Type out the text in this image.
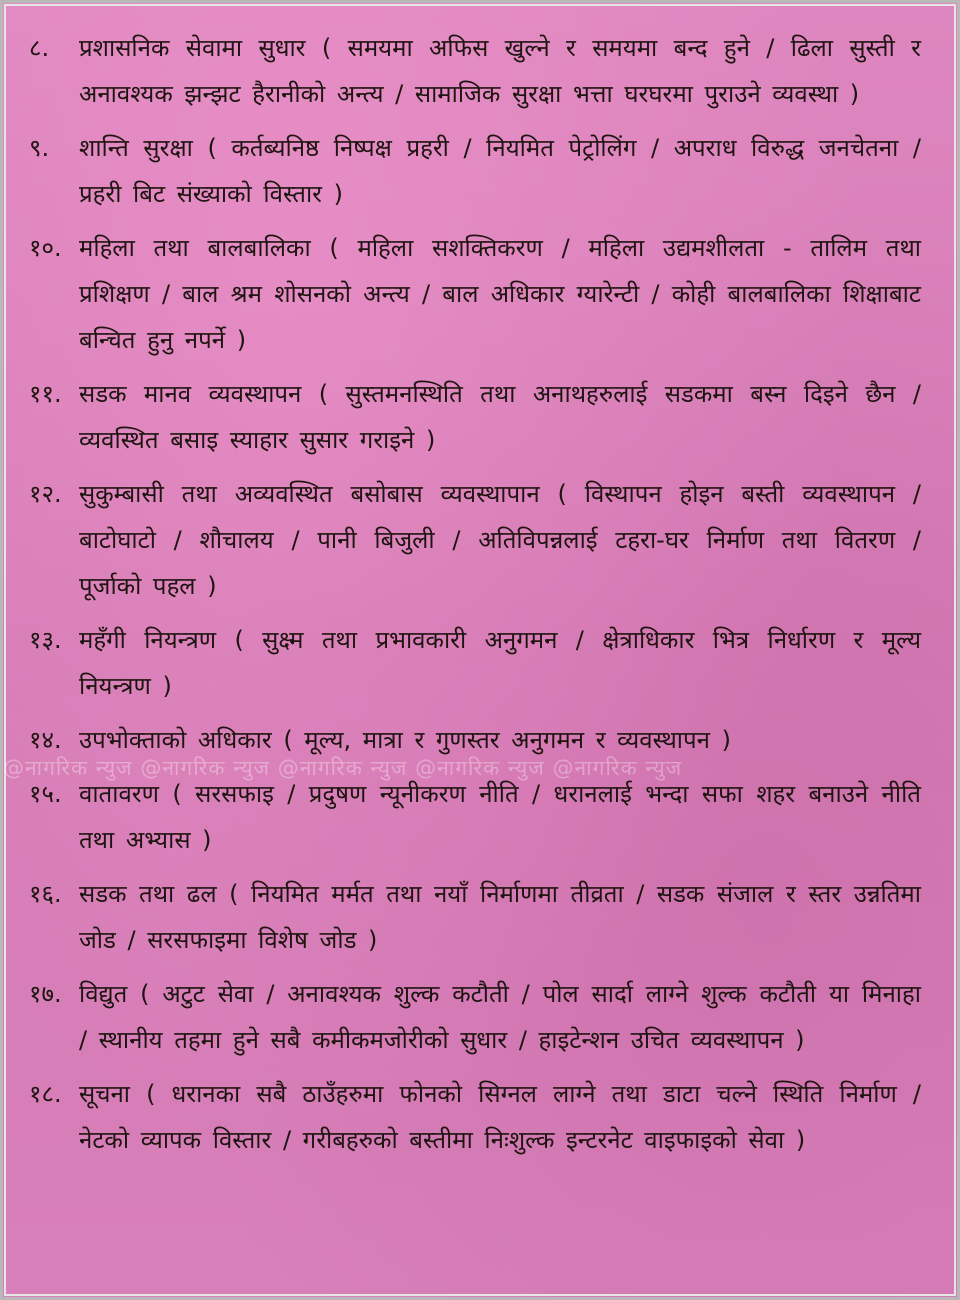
@नागरिक न्युज @नागरिक न्युज @नागरिक न्युज @नागरिक न्युज @नागरिक न्युज
८.	प्रशासनिक सेवामा सुधार ( समयमा अफिस खुल्ने र समयमा बन्द हुने / ढिला सुस्ती र अनावश्यक झन्झट हैरानीको अन्त्य / सामाजिक सुरक्षा भत्ता घरघरमा पुराउने व्यवस्था )
९.	शान्ति सुरक्षा ( कर्तब्यनिष्ठ निष्पक्ष प्रहरी / नियमित पेट्रोलिंग / अपराध विरुद्ध जनचेतना / प्रहरी बिट संख्याको विस्तार )
१०. महिला तथा बालबालिका ( महिला सशक्तिकरण / महिला उद्यमशीलता - तालिम तथा प्रशिक्षण / बाल श्रम शोसनको अन्त्य / बाल अधिकार ग्यारेन्टी / कोही बालबालिका शिक्षाबाट बन्चित हुनु नपर्ने )
११. सडक मानव व्यवस्थापन ( सुस्तमनस्थिति तथा अनाथहरुलाई सडकमा बस्न दिइने छैन / व्यवस्थित बसाइ स्याहार सुसार गराइने )
१२. सुकुम्बासी तथा अव्यवस्थित बसोबास व्यवस्थापान ( विस्थापन होइन बस्ती व्यवस्थापन / बाटोघाटो / शौचालय / पानी बिजुली / अतिविपन्नलाई टहरा-घर निर्माण तथा वितरण / पूर्जाको पहल )
१३. महँगी नियन्त्रण ( सुक्ष्म तथा प्रभावकारी अनुगमन / क्षेत्राधिकार भित्र निर्धारण र मूल्य नियन्त्रण )
१४. उपभोक्ताको अधिकार ( मूल्य, मात्रा र गुणस्तर अनुगमन र व्यवस्थापन )
१५. वातावरण ( सरसफाइ / प्रदुषण न्यूनीकरण नीति / धरानलाई भन्दा सफा शहर बनाउने नीति तथा अभ्यास )
१६. सडक तथा ढल ( नियमित मर्मत तथा नयाँ निर्माणमा तीव्रता / सडक संजाल र स्तर उन्नतिमा जोड / सरसफाइमा विशेष जोड )
१७. विद्युत ( अटुट सेवा / अनावश्यक शुल्क कटौती / पोल सार्दा लाग्ने शुल्क कटौती या मिनाहा / स्थानीय तहमा हुने सबै कमीकमजोरीको सुधार / हाइटेन्शन उचित व्यवस्थापन )
१८. सूचना ( धरानका सबै ठाउँहरुमा फोनको सिग्नल लाग्ने तथा डाटा चल्ने स्थिति निर्माण / नेटको व्यापक विस्तार / गरीबहरुको बस्तीमा निःशुल्क इन्टरनेट वाइफाइको सेवा )
